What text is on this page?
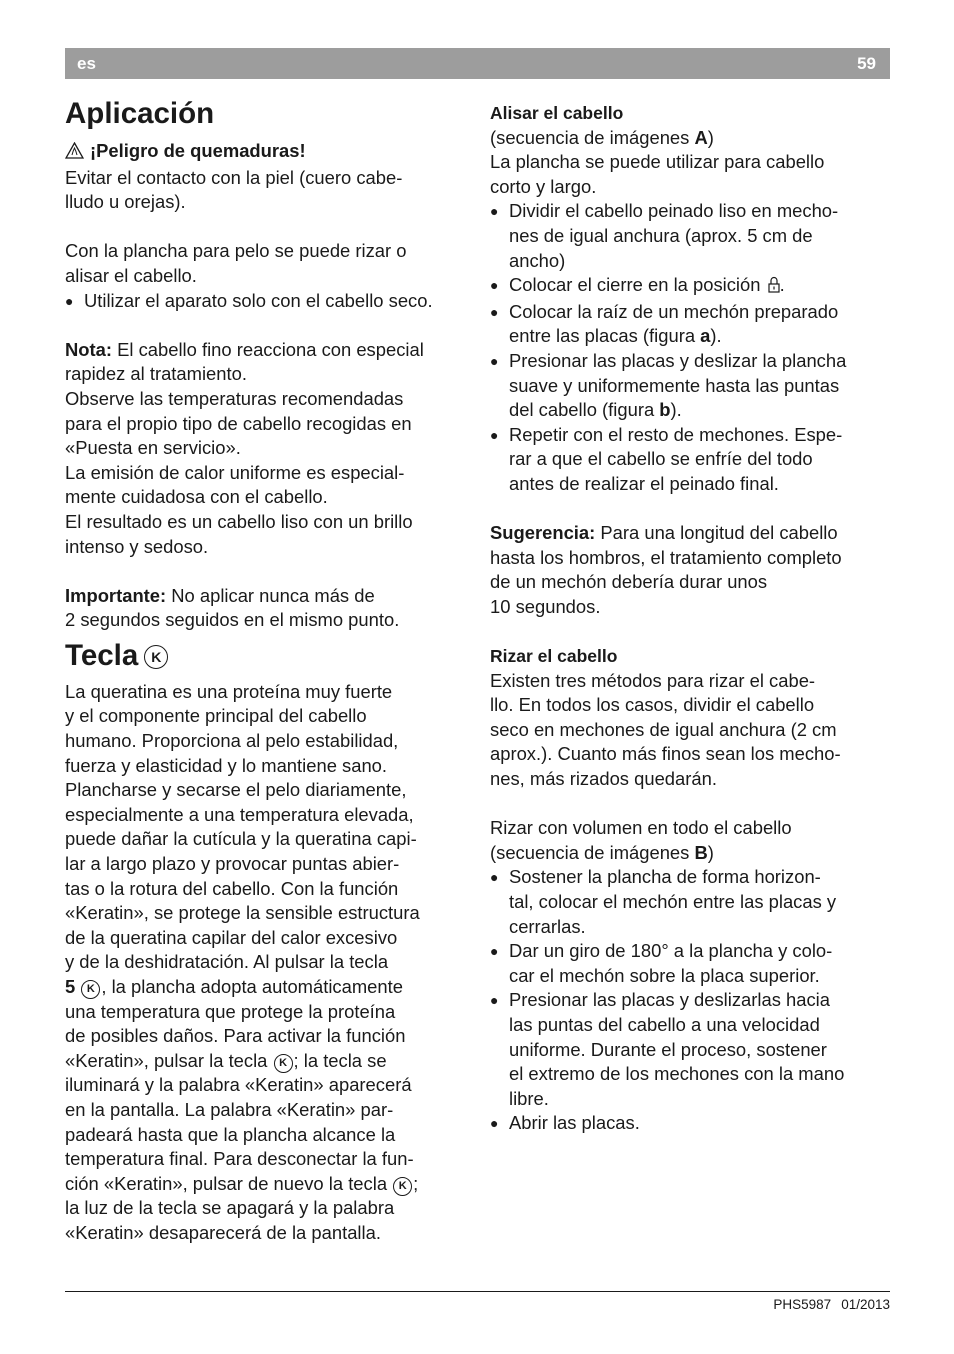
es	59
Aplicación

¡Peligro de quemaduras!

Evitar el contacto con la piel (cuero cabe-

lludo u orejas).

Con la plancha para pelo se puede rizar o

alisar el cabello.

● Utilizar el aparato solo con el cabello seco.

Nota: El cabello fino reacciona con especial

rapidez al tratamiento.

Observe las temperaturas recomendadas

para el propio tipo de cabello recogidas en

«Puesta en servicio».

La emisión de calor uniforme es especial-

mente cuidadosa con el cabello.

El resultado es un cabello liso con un brillo

intenso y sedoso.

Importante: No aplicar nunca más de

2 segundos seguidos en el mismo punto.

Tecla K

La queratina es una proteína muy fuerte

y el componente principal del cabello

humano. Proporciona al pelo estabilidad,

fuerza y elasticidad y lo mantiene sano.

Plancharse y secarse el pelo diariamente,

especialmente a una temperatura elevada,

puede dañar la cutícula y la queratina capi-

lar a largo plazo y provocar puntas abier-

tas o la rotura del cabello. Con la función

«Keratin», se protege la sensible estructura

de la queratina capilar del calor excesivo

y de la deshidratación. Al pulsar la tecla

5 K , la plancha adopta automáticamente

una temperatura que protege la proteína

de posibles daños. Para activar la función

«Keratin», pulsar la tecla K ; la tecla se

iluminará y la palabra «Keratin» aparecerá

en la pantalla. La palabra «Keratin» par-

padeará hasta que la plancha alcance la

temperatura final. Para desconectar la fun-

ción «Keratin», pulsar de nuevo la tecla K ;

la luz de la tecla se apagará y la palabra

«Keratin» desaparecerá de la pantalla.

Alisar el cabello

(secuencia de imágenes A)

La plancha se puede utilizar para cabello

corto y largo.

● Dividir el cabello peinado liso en mecho-
nes de igual anchura (aprox. 5 cm de
ancho)
● Colocar el cierre en la posición .
● Colocar la raíz de un mechón preparado
entre las placas (figura a).
● Presionar las placas y deslizar la plancha
suave y uniformemente hasta las puntas
del cabello (figura b).
● Repetir con el resto de mechones. Espe-
rar a que el cabello se enfríe del todo
antes de realizar el peinado final.

Sugerencia: Para una longitud del cabello

hasta los hombros, el tratamiento completo

de un mechón debería durar unos

10 segundos.

Rizar el cabello

Existen tres métodos para rizar el cabe-

llo. En todos los casos, dividir el cabello

seco en mechones de igual anchura (2 cm

aprox.). Cuanto más finos sean los mecho-

nes, más rizados quedarán.

Rizar con volumen en todo el cabello

(secuencia de imágenes B)

● Sostener la plancha de forma horizon-
tal, colocar el mechón entre las placas y
cerrarlas.
● Dar un giro de 180° a la plancha y colo-
car el mechón sobre la placa superior.
● Presionar las placas y deslizarlas hacia
las puntas del cabello a una velocidad
uniforme. Durante el proceso, sostener
el extremo de los mechones con la mano
libre.
● Abrir las placas.
PHS5987 01/2013
